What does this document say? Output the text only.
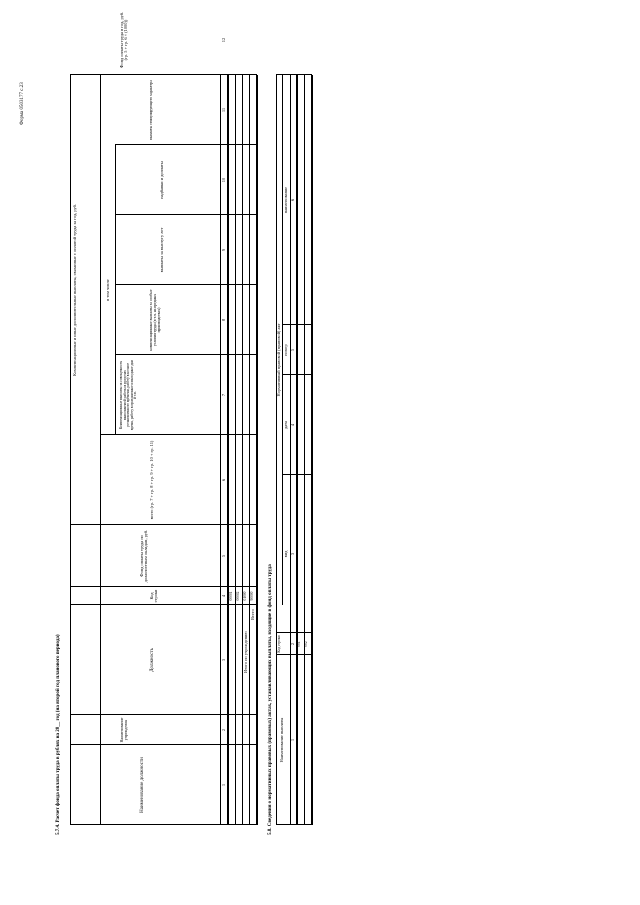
Форма 0503177 с.23
5.7.4. Расчет фонда оплаты труда в рублях на 20__ год (на второй год планового периода)	Наименование должности
Наименование учреждения
Должность
Код строки
Фонд оплаты труда по должностным окладам, руб.
Компенсационные и иные дополнительные выплаты, связанные с оплатой труда за год, руб.
всего (гр. 7 + гр. 8 + гр. 9 + гр. 10 + гр. 11)
в том числе
Компенсационные выплаты за совокупность выполняемой работы в пределах установленного времени, работу в ночное время, работу в праздничные и выходные дни и т.п.
компенсационные выплаты за особые условия труда (в т.ч. на вредных производствах)
выплаты за выслугу лет
надбавки и доплаты
выплаты стимулирующего характера
Фонд оплаты труда в год, руб. (гр. 5 + гр. 6 × (1000))
1
2
3
4
5
6
7
8
9
10
11
12
00001 00002
Итого по учреждению
01000
Всего
90000	5.8. Сведения о нормативных правовых (правовых) актах, устанавливающих выплаты, входящие в фонд оплаты труда Наименование выплаты
Код строки
Нормативный правовой (правовой) акт
вид
дата
номер
наименование
1
2
3
4
5
6
001 002
